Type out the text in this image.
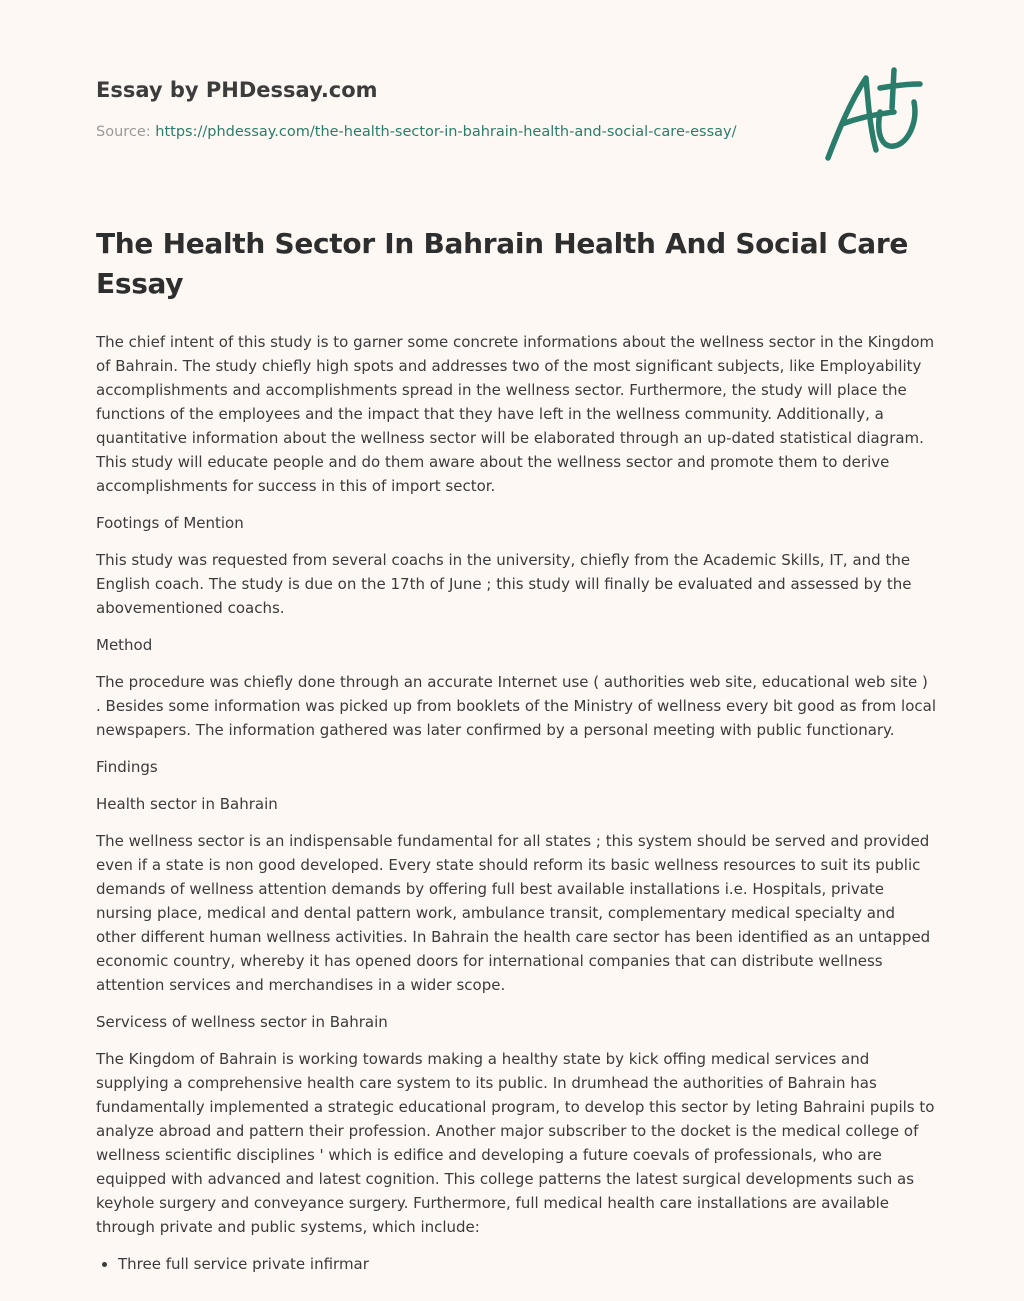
Essay by PHDessay.com

Source: https://phdessay.com/the-health-sector-in-bahrain-health-and-social-care-essay/
The Health Sector In Bahrain Health And Social Care Essay

The chief intent of this study is to garner some concrete informations about the wellness sector in the Kingdom of Bahrain. The study chiefly high spots and addresses two of the most significant subjects, like Employability accomplishments and accomplishments spread in the wellness sector. Furthermore, the study will place the functions of the employees and the impact that they have left in the wellness community. Additionally, a quantitative information about the wellness sector will be elaborated through an up-dated statistical diagram. This study will educate people and do them aware about the wellness sector and promote them to derive accomplishments for success in this of import sector.

Footings of Mention

This study was requested from several coachs in the university, chiefly from the Academic Skills, IT, and the English coach. The study is due on the 17th of June ; this study will finally be evaluated and assessed by the abovementioned coachs.

Method

The procedure was chiefly done through an accurate Internet use ( authorities web site, educational web site ) . Besides some information was picked up from booklets of the Ministry of wellness every bit good as from local newspapers. The information gathered was later confirmed by a personal meeting with public functionary.

Findings

Health sector in Bahrain

The wellness sector is an indispensable fundamental for all states ; this system should be served and provided even if a state is non good developed. Every state should reform its basic wellness resources to suit its public demands of wellness attention demands by offering full best available installations i.e. Hospitals, private nursing place, medical and dental pattern work, ambulance transit, complementary medical specialty and other different human wellness activities. In Bahrain the health care sector has been identified as an untapped economic country, whereby it has opened doors for international companies that can distribute wellness attention services and merchandises in a wider scope.

Servicess of wellness sector in Bahrain

The Kingdom of Bahrain is working towards making a healthy state by kick offing medical services and supplying a comprehensive health care system to its public. In drumhead the authorities of Bahrain has fundamentally implemented a strategic educational program, to develop this sector by leting Bahraini pupils to analyze abroad and pattern their profession. Another major subscriber to the docket is the medical college of wellness scientific disciplines ' which is edifice and developing a future coevals of professionals, who are equipped with advanced and latest cognition. This college patterns the latest surgical developments such as keyhole surgery and conveyance surgery. Furthermore, full medical health care installations are available through private and public systems, which include:

• Three full service private infirmar
